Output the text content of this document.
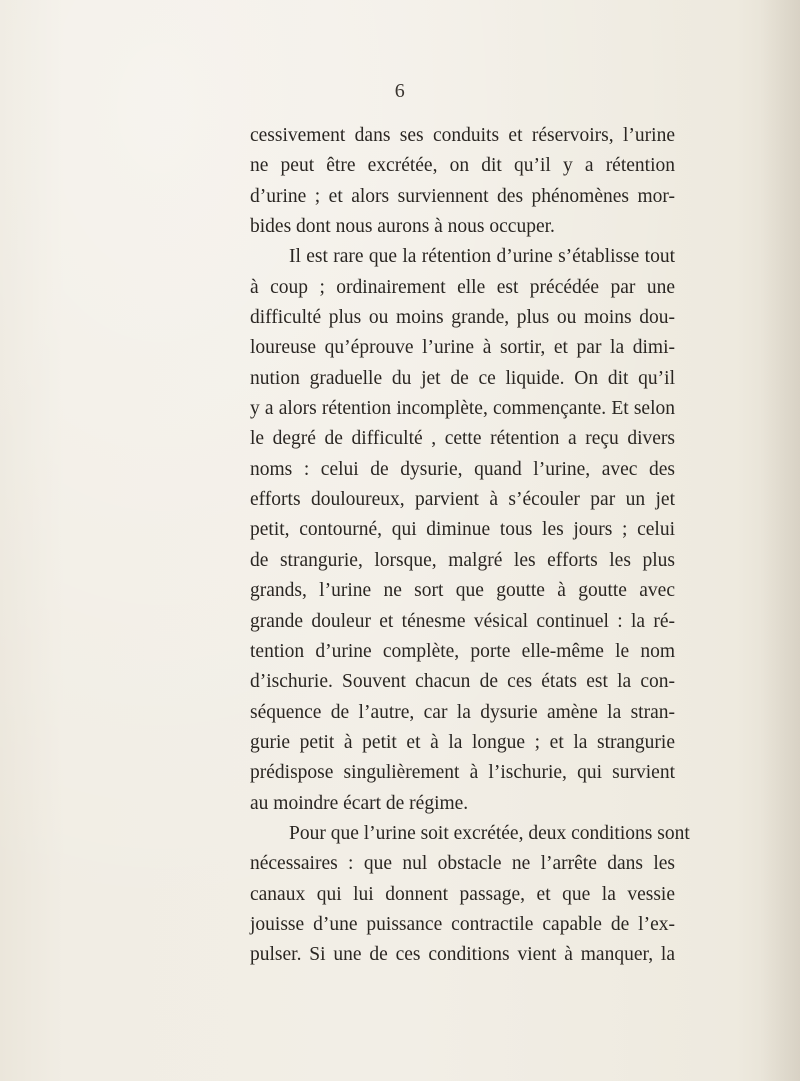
6
cessivement dans ses conduits et réservoirs, l’urine
ne peut être excrétée, on dit qu’il y a rétention
d’urine ; et alors surviennent des phénomènes mor-
bides dont nous aurons à nous occuper.
Il est rare que la rétention d’urine s’établisse tout
à coup ; ordinairement elle est précédée par une
difficulté plus ou moins grande, plus ou moins dou-
loureuse qu’éprouve l’urine à sortir, et par la dimi-
nution graduelle du jet de ce liquide. On dit qu’il
y a alors rétention incomplète, commençante. Et selon
le degré de difficulté , cette rétention a reçu divers
noms : celui de dysurie, quand l’urine, avec des
efforts douloureux, parvient à s’écouler par un jet
petit, contourné, qui diminue tous les jours ; celui
de strangurie, lorsque, malgré les efforts les plus
grands, l’urine ne sort que goutte à goutte avec
grande douleur et ténesme vésical continuel : la ré-
tention d’urine complète, porte elle-même le nom
d’ischurie. Souvent chacun de ces états est la con-
séquence de l’autre, car la dysurie amène la stran-
gurie petit à petit et à la longue ; et la strangurie
prédispose singulièrement à l’ischurie, qui survient
au moindre écart de régime.
Pour que l’urine soit excrétée, deux conditions sont
nécessaires : que nul obstacle ne l’arrête dans les
canaux qui lui donnent passage, et que la vessie
jouisse d’une puissance contractile capable de l’ex-
pulser. Si une de ces conditions vient à manquer, la
